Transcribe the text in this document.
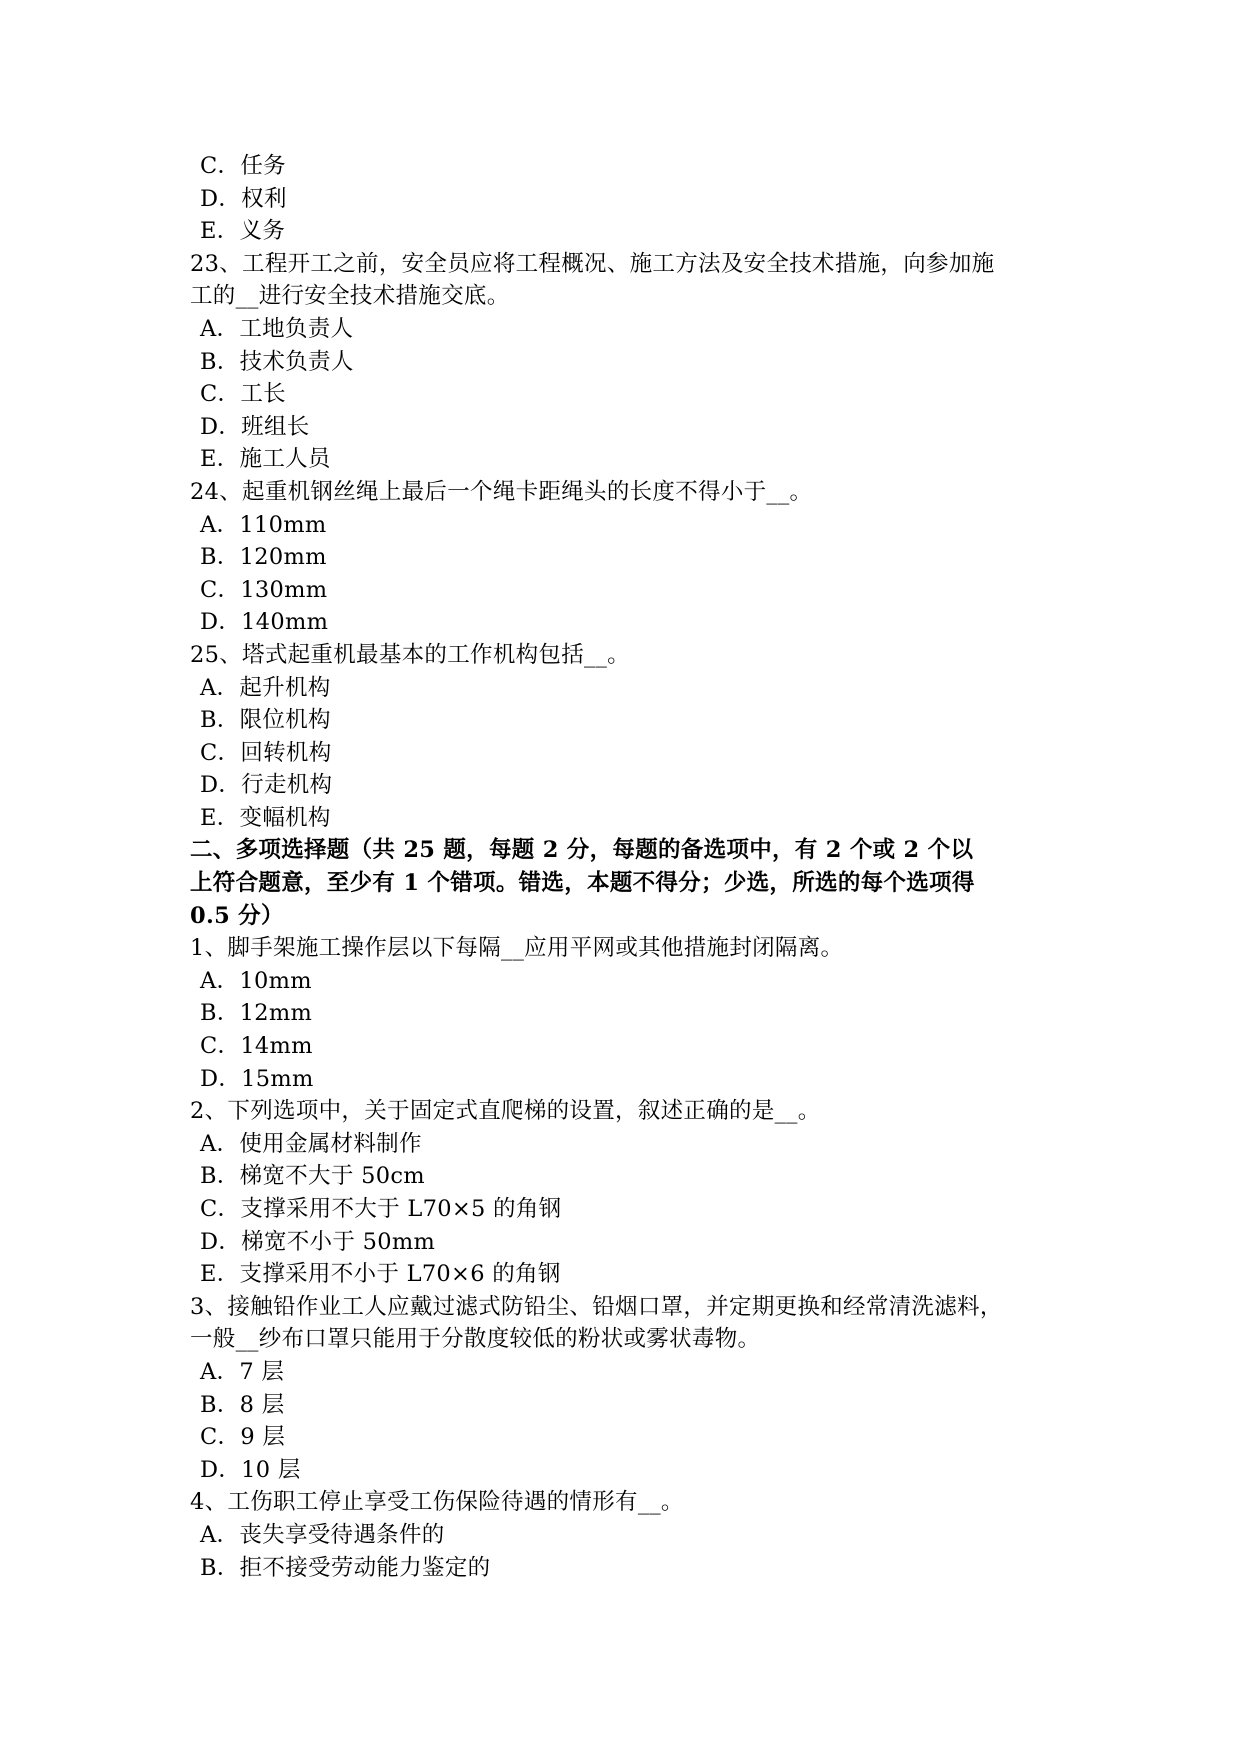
C．任务
D．权利
E．义务
23、工程开工之前，安全员应将工程概况、施工方法及安全技术措施，向参加施
工的__进行安全技术措施交底。
A．工地负责人
B．技术负责人
C．工长
D．班组长
E．施工人员
24、起重机钢丝绳上最后一个绳卡距绳头的长度不得小于__。
A．110mm
B．120mm
C．130mm
D．140mm
25、塔式起重机最基本的工作机构包括__。
A．起升机构
B．限位机构
C．回转机构
D．行走机构
E．变幅机构
二、多项选择题（共 25 题，每题 2 分，每题的备选项中，有 2 个或 2 个以
上符合题意，至少有 1 个错项。错选，本题不得分；少选，所选的每个选项得
0.5 分）
1、脚手架施工操作层以下每隔__应用平网或其他措施封闭隔离。
A．10mm
B．12mm
C．14mm
D．15mm
2、下列选项中，关于固定式直爬梯的设置，叙述正确的是__。
A．使用金属材料制作
B．梯宽不大于 50cm
C．支撑采用不大于 L70×5 的角钢
D．梯宽不小于 50mm
E．支撑采用不小于 L70×6 的角钢
3、接触铅作业工人应戴过滤式防铅尘、铅烟口罩，并定期更换和经常清洗滤料，
一般__纱布口罩只能用于分散度较低的粉状或雾状毒物。
A．7 层
B．8 层
C．9 层
D．10 层
4、工伤职工停止享受工伤保险待遇的情形有__。
A．丧失享受待遇条件的
B．拒不接受劳动能力鉴定的
